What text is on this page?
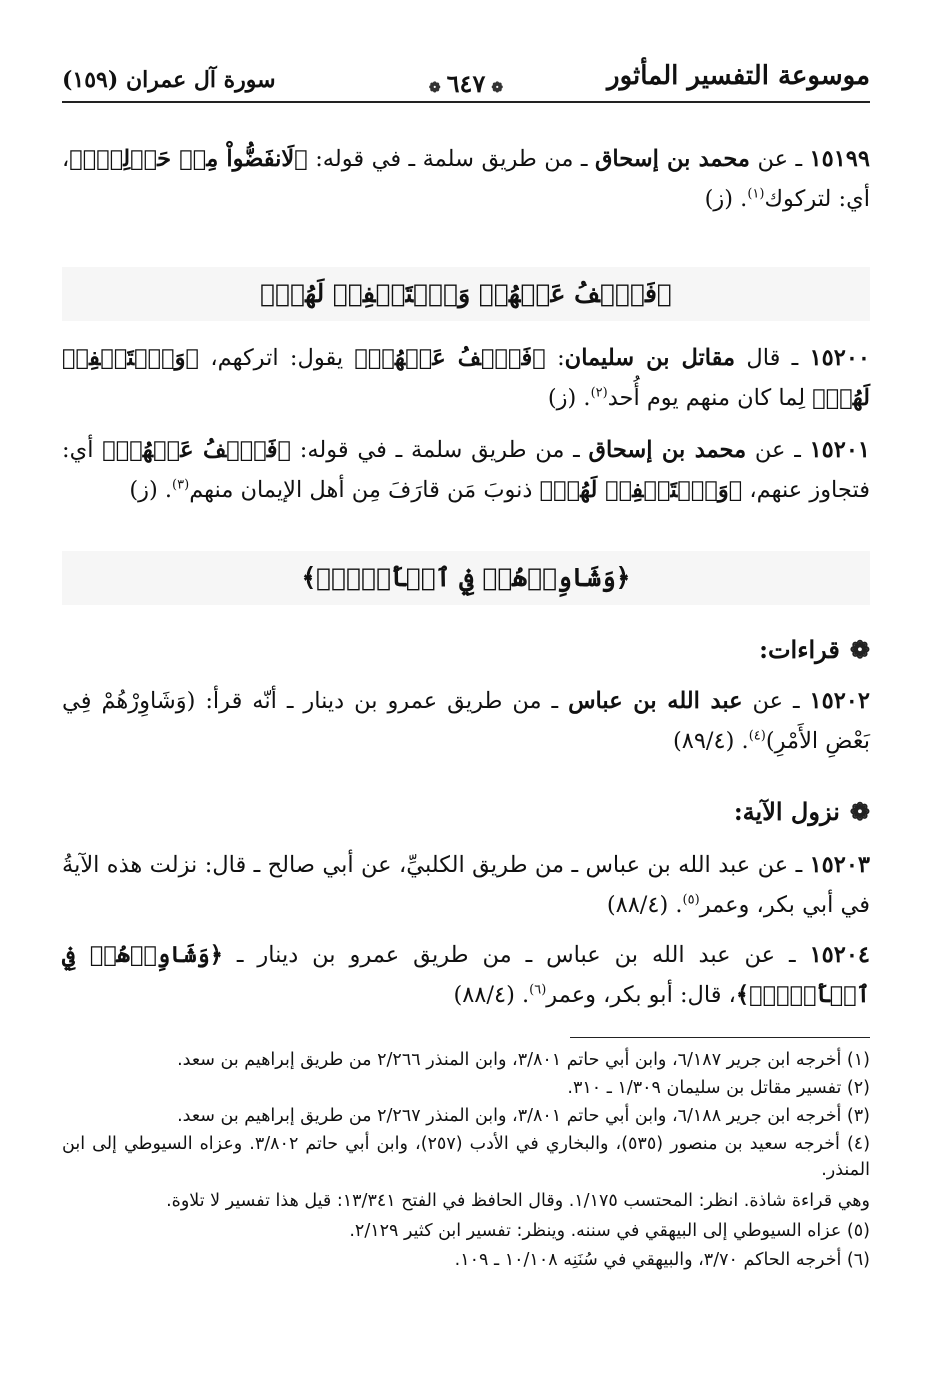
موسوعة التفسير المأثور
❁٦٤٧❁
سورة آل عمران (١٥٩)
١٥١٩٩ ـ عن محمد بن إسحاق ـ من طريق سلمة ـ في قوله: ﴿لَانفَضُّواْ مِنۡ حَوۡلِكَۖ﴾، أي: لتركوك$^{(١)}$. (ز)
﴿فَٱعۡفُ عَنۡهُمۡ وَٱسۡتَغۡفِرۡ لَهُمۡ﴾
١٥٢٠٠ ـ قال مقاتل بن سليمان: ﴿فَٱعۡفُ عَنۡهُمۡ﴾ يقول: اتركهم، ﴿وَٱسۡتَغۡفِرۡ لَهُمۡ﴾ لِما كان منهم يوم أُحد$^{(٢)}$. (ز)
١٥٢٠١ ـ عن محمد بن إسحاق ـ من طريق سلمة ـ في قوله: ﴿فَٱعۡفُ عَنۡهُمۡ﴾ أي: فتجاوز عنهم، ﴿وَٱسۡتَغۡفِرۡ لَهُمۡ﴾ ذنوبَ مَن قارَفَ مِن أهل الإيمان منهم$^{(٣)}$. (ز)
﴿وَشَاوِرۡهُمۡ فِي ٱلۡأَمۡرِۖ﴾
❁قراءات:
١٥٢٠٢ ـ عن عبد الله بن عباس ـ من طريق عمرو بن دينار ـ أنّه قرأ: (وَشَاوِرْهُمْ فِي بَعْضِ الأَمْرِ)$^{(٤)}$. (٨٩/٤)
❁نزول الآية:
١٥٢٠٣ ـ عن عبد الله بن عباس ـ من طريق الكلبيِّ، عن أبي صالح ـ قال: نزلت هذه الآيةُ في أبي بكر، وعمر$^{(٥)}$. (٨٨/٤)
١٥٢٠٤ ـ عن عبد الله بن عباس ـ من طريق عمرو بن دينار ـ ﴿وَشَاوِرۡهُمۡ فِي ٱلۡأَمۡرِۖ﴾، قال: أبو بكر، وعمر$^{(٦)}$. (٨٨/٤)
(١) أخرجه ابن جرير ٦/١٨٧، وابن أبي حاتم ٣/٨٠١، وابن المنذر ٢/٢٦٦ من طريق إبراهيم بن سعد.
(٢) تفسير مقاتل بن سليمان ١/٣٠٩ ـ ٣١٠.
(٣) أخرجه ابن جرير ٦/١٨٨، وابن أبي حاتم ٣/٨٠١، وابن المنذر ٢/٢٦٧ من طريق إبراهيم بن سعد.
(٤) أخرجه سعيد بن منصور (٥٣٥)، والبخاري في الأدب (٢٥٧)، وابن أبي حاتم ٣/٨٠٢. وعزاه السيوطي إلى ابن المنذر.
وهي قراءة شاذة. انظر: المحتسب ١/١٧٥. وقال الحافظ في الفتح ١٣/٣٤١: قيل هذا تفسير لا تلاوة.
(٥) عزاه السيوطي إلى البيهقي في سننه. وينظر: تفسير ابن كثير ٢/١٢٩.
(٦) أخرجه الحاكم ٣/٧٠، والبيهقي في سُنَنِه ١٠/١٠٨ ـ ١٠٩.
